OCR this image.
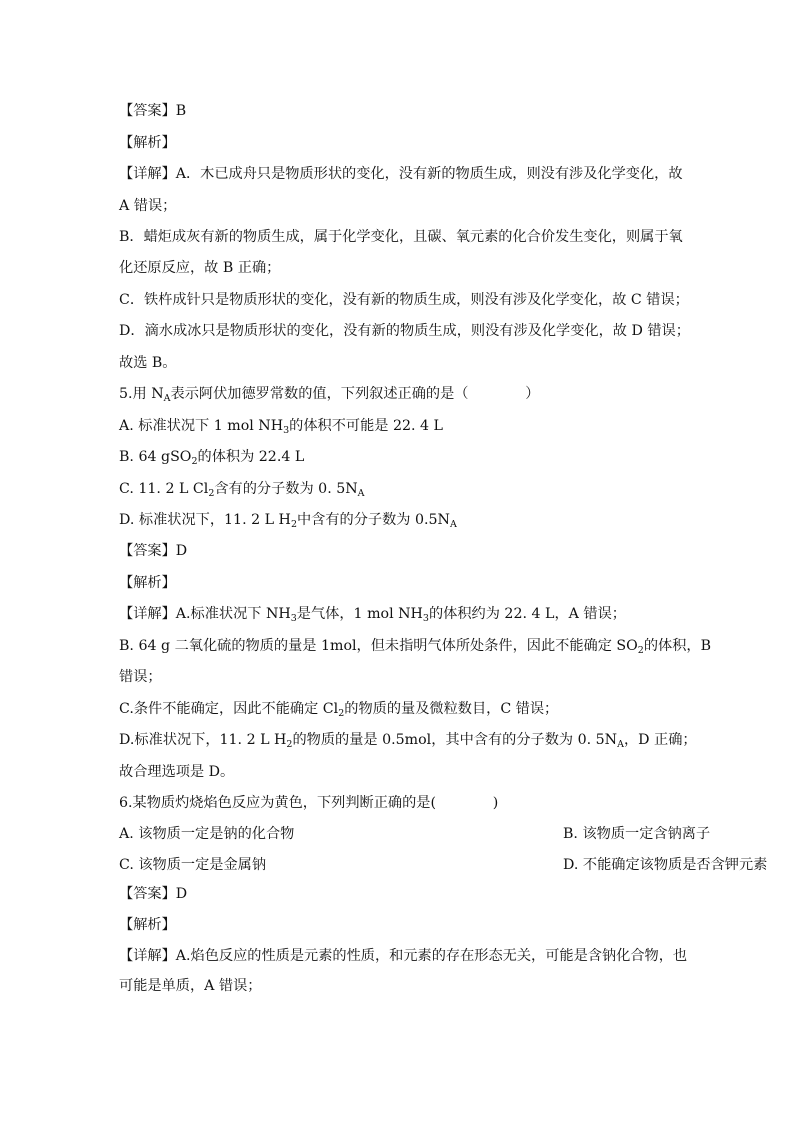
【答案】B
【解析】
【详解】A．木已成舟只是物质形状的变化，没有新的物质生成，则没有涉及化学变化，故
A 错误；
B．蜡炬成灰有新的物质生成，属于化学变化，且碳、氧元素的化合价发生变化，则属于氧
化还原反应，故 B 正确；
C．铁杵成针只是物质形状的变化，没有新的物质生成，则没有涉及化学变化，故 C 错误；
D．滴水成冰只是物质形状的变化，没有新的物质生成，则没有涉及化学变化，故 D 错误；
故选 B。
5.用 $N_A$表示阿伏加德罗常数的值，下列叙述正确的是（　　　　）
A. 标准状况下 1 mol $NH_3$的体积不可能是 22. 4 L
B. 64 gSO$_2$的体积为 22.4 L
C. 11. 2 L $Cl_2$含有的分子数为 0. $5N_A$
D. 标准状况下，11. 2 L $H_2$中含有的分子数为 $0.5N_A$
【答案】D
【解析】
【详解】A.标准状况下 $NH_3$是气体，1 mol $NH_3$的体积约为 22. 4 L，A 错误；
B. 64 g 二氧化硫的物质的量是 1mol，但未指明气体所处条件，因此不能确定 $SO_2$的体积，B
错误；
C.条件不能确定，因此不能确定 $Cl_2$的物质的量及微粒数目，C 错误；
D.标准状况下，11. 2 L $H_2$的物质的量是 0.5mol，其中含有的分子数为 0. $5N_A$，D 正确；
故合理选项是 D。
6.某物质灼烧焰色反应为黄色，下列判断正确的是(　　　　)
A. 该物质一定是钠的化合物	B. 该物质一定含钠离子
C. 该物质一定是金属钠	D. 不能确定该物质是否含钾元素
【答案】D
【解析】
【详解】A.焰色反应的性质是元素的性质，和元素的存在形态无关，可能是含钠化合物，也
可能是单质，A 错误；
